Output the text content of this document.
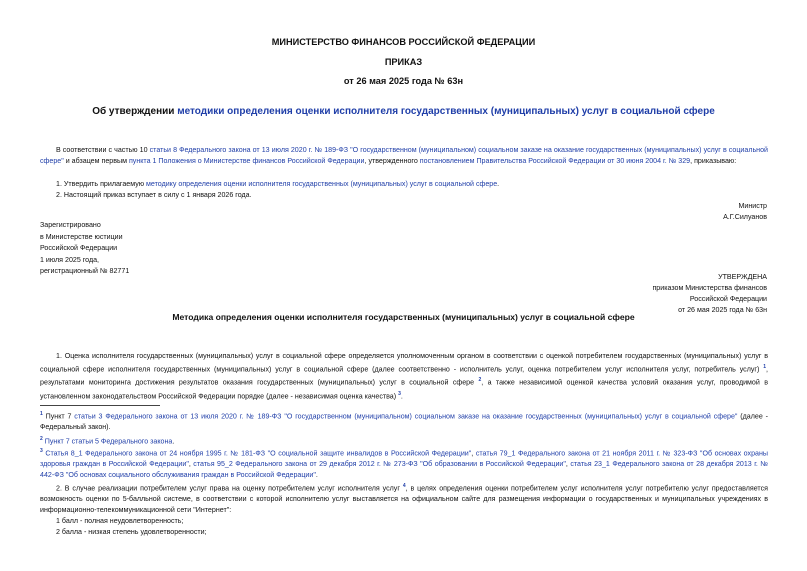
МИНИСТЕРСТВО ФИНАНСОВ РОССИЙСКОЙ ФЕДЕРАЦИИ
ПРИКАЗ
от 26 мая 2025 года № 63н
Об утверждении методики определения оценки исполнителя государственных (муниципальных) услуг в социальной сфере
В соответствии с частью 10 статьи 8 Федерального закона от 13 июля 2020 г. № 189-ФЗ "О государственном (муниципальном) социальном заказе на оказание государственных (муниципальных) услуг в социальной сфере" и абзацем первым пункта 1 Положения о Министерстве финансов Российской Федерации, утвержденного постановлением Правительства Российской Федерации от 30 июня 2004 г. № 329, приказываю:
1. Утвердить прилагаемую методику определения оценки исполнителя государственных (муниципальных) услуг в социальной сфере.
2. Настоящий приказ вступает в силу с 1 января 2026 года.
Министр
А.Г.Силуанов
Зарегистрировано
в Министерстве юстиции
Российской Федерации
1 июля 2025 года,
регистрационный № 82771
УТВЕРЖДЕНА
приказом Министерства финансов
Российской Федерации
от 26 мая 2025 года № 63н
Методика определения оценки исполнителя государственных (муниципальных) услуг в социальной сфере
1. Оценка исполнителя государственных (муниципальных) услуг в социальной сфере определяется уполномоченным органом в соответствии с оценкой потребителем государственных (муниципальных) услуг в социальной сфере исполнителя государственных (муниципальных) услуг в социальной сфере (далее соответственно - исполнитель услуг, оценка потребителем услуг исполнителя услуг, потребитель услуг) $^1$, результатами мониторинга достижения результатов оказания государственных (муниципальных) услуг в социальной сфере $^2$, а также независимой оценкой качества условий оказания услуг, проводимой в установленном законодательством Российской Федерации порядке (далее - независимая оценка качества) $^3$.
$^1$ Пункт 7 статьи 3 Федерального закона от 13 июля 2020 г. № 189-ФЗ "О государственном (муниципальном) социальном заказе на оказание государственных (муниципальных) услуг в социальной сфере" (далее - Федеральный закон).
$^2$ Пункт 7 статьи 5 Федерального закона.
$^3$ Статья 8_1 Федерального закона от 24 ноября 1995 г. № 181-ФЗ "О социальной защите инвалидов в Российской Федерации", статья 79_1 Федерального закона от 21 ноября 2011 г. № 323-ФЗ "Об основах охраны здоровья граждан в Российской Федерации", статья 95_2 Федерального закона от 29 декабря 2012 г. № 273-ФЗ "Об образовании в Российской Федерации", статья 23_1 Федерального закона от 28 декабря 2013 г. № 442-ФЗ "Об основах социального обслуживания граждан в Российской Федерации".
2. В случае реализации потребителем услуг права на оценку потребителем услуг исполнителя услуг $^4$, в целях определения оценки потребителем услуг исполнителя услуг потребителю услуг предоставляется возможность оценки по 5-балльной системе, в соответствии с которой исполнителю услуг выставляется на официальном сайте для размещения информации о государственных и муниципальных учреждениях в информационно-телекоммуникационной сети "Интернет":
1 балл - полная неудовлетворенность;
2 балла - низкая степень удовлетворенности;
